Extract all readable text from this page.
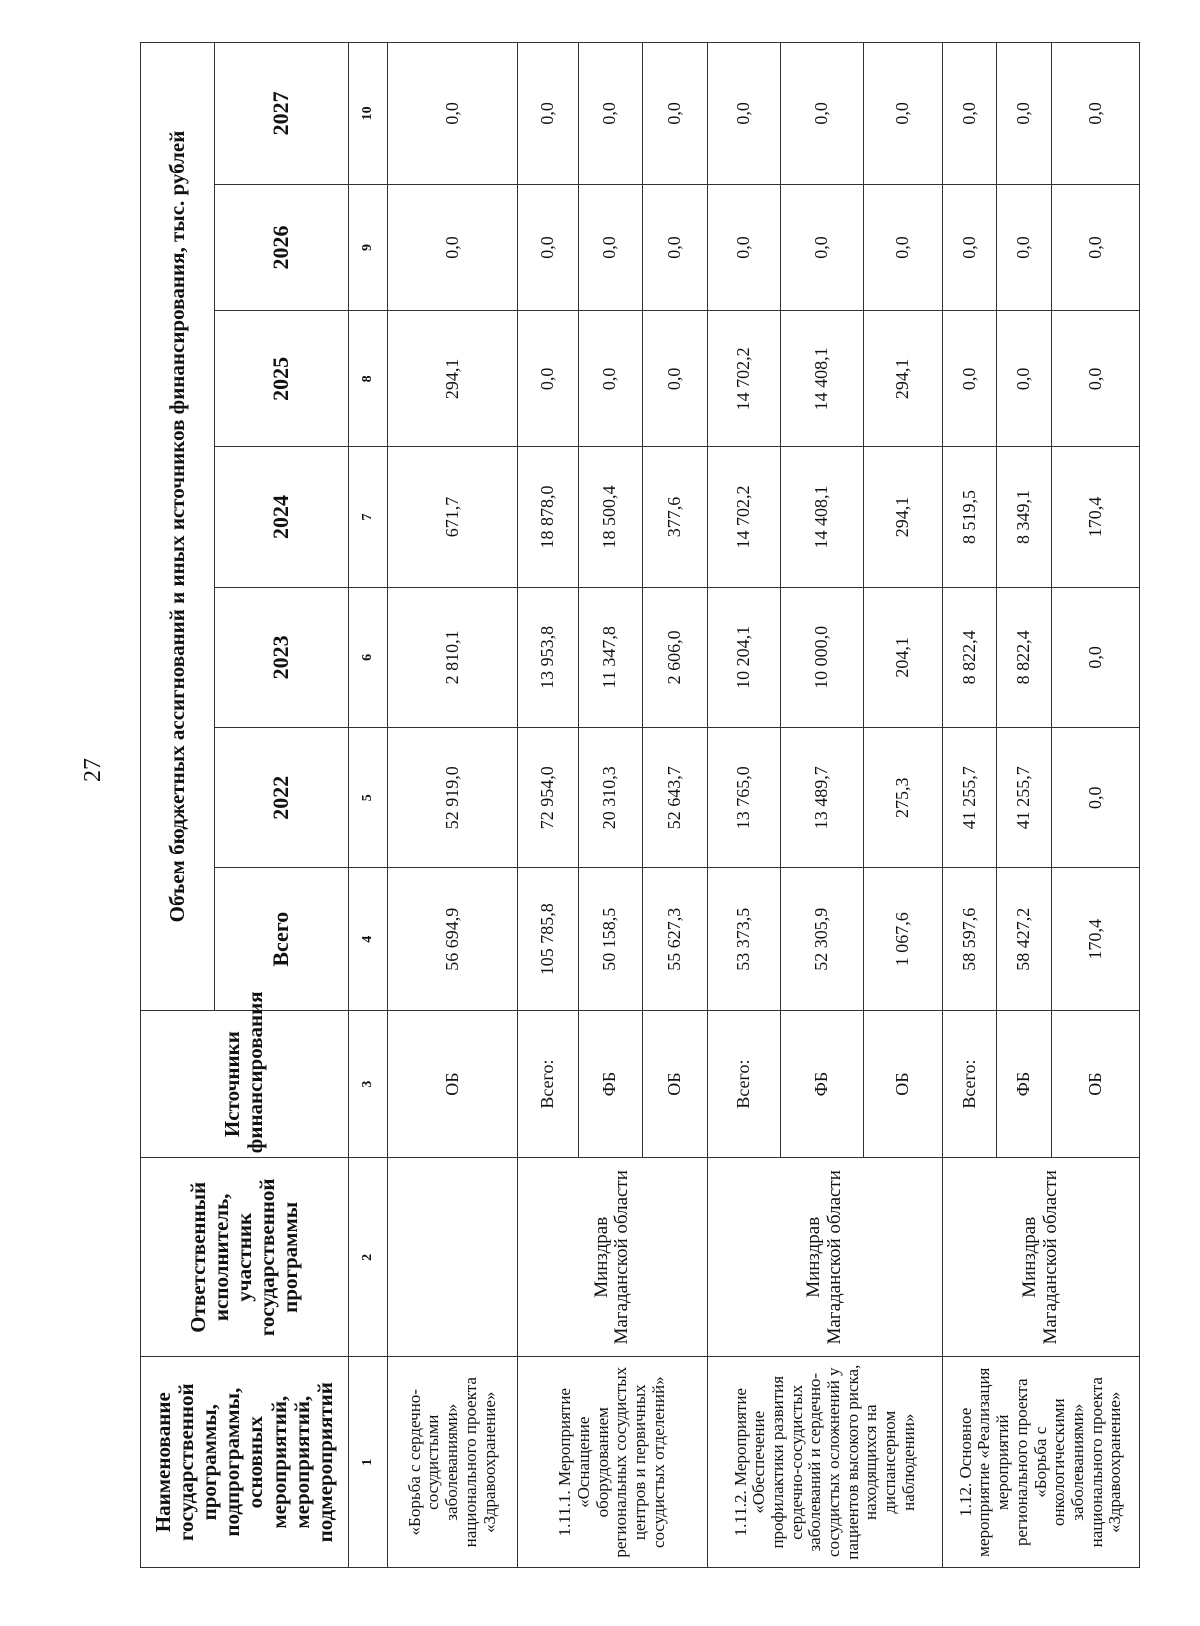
27
Наименование государственной программы, подпрограммы, основных мероприятий, мероприятий, подмероприятий	Ответственный исполнитель, участник государственной программы	Источники финансирования	Объем бюджетных ассигнований и иных источников финансирования, тыс. рублей						
			Всего	2022	2023	2024	2025	2026	2027
1	2	3	4	5	6	7	8	9	10
«Борьба с сердечно-сосудистыми заболеваниями» национального проекта «Здравоохранение»		ОБ	56 694,9	52 919,0	2 810,1	671,7	294,1	0,0	0,0
1.11.1. Мероприятие «Оснащение оборудованием региональных сосудистых центров и первичных сосудистых отделений»	Минздрав Магаданской области	Всего:	105 785,8	72 954,0	13 953,8	18 878,0	0,0	0,0	0,0
		ФБ	50 158,5	20 310,3	11 347,8	18 500,4	0,0	0,0	0,0
		ОБ	55 627,3	52 643,7	2 606,0	377,6	0,0	0,0	0,0
1.11.2. Мероприятие «Обеспечение профилактики развития сердечно-сосудистых заболеваний и сердечно-сосудистых осложнений у пациентов высокого риска, находящихся на диспансерном наблюдении»	Минздрав Магаданской области	Всего:	53 373,5	13 765,0	10 204,1	14 702,2	14 702,2	0,0	0,0
		ФБ	52 305,9	13 489,7	10 000,0	14 408,1	14 408,1	0,0	0,0
		ОБ	1 067,6	275,3	204,1	294,1	294,1	0,0	0,0
1.12. Основное мероприятие «Реализация мероприятий регионального проекта «Борьба с онкологическими заболеваниями» национального проекта «Здравоохранение»	Минздрав Магаданской области	Всего:	58 597,6	41 255,7	8 822,4	8 519,5	0,0	0,0	0,0
		ФБ	58 427,2	41 255,7	8 822,4	8 349,1	0,0	0,0	0,0
		ОБ	170,4	0,0	0,0	170,4	0,0	0,0	0,0
